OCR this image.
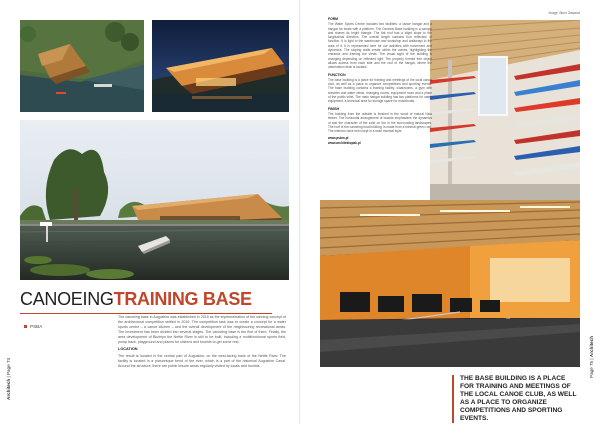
CANOEINGTRAINING BASE
PSBA

The canoeing base in Augustów was established in 2015 as the implementation of the winning concept of the architectural competition settled in 2016. The competition task was to create a concept for a water sports centre – a canoe kitchen – and the overall development of the neighbouring recreational areas. The investment has been divided into several stages. The canoeing base is the first of them. Finally, the area development of Biuletyn the Nettle River is still to be built, including a multifunctional sports field, pump track, playground and places for citizens and tourists to get some rest.

LOCATION

The result is located in the central part of Augustów, on the west-facing bank of the Nettle River. The facility is located in a picturesque bend of the river, which is a part of the historical Augustów Canal. Around the structure, there are public leisure areas regularly visited by locals and tourists.

Architech | Page 74
Image: Biuro Zawarta

FORM

The Water Sports Centre includes two facilities: a canoe hangar and a hangar for boats with a platform. The Ceramic Base building is a canopy and shares its bright triangle. The flat roof has a slight slope to the longitudinal direction. The overall length contains four reflection of function. It is light to the warehouse and workshop and walkways in the area of it. It is represented here for our activities with movement and dynamics. The sloping walls create within the waves, highlighting the entrance and framing the views. The visual sight of the building is changing depending on reflected light. The properly formed free object allows access from each side and the roof of the hangar, where the observation deck is located.

FUNCTION

The base building is a place for training and meetings of the local canoe club, as well as a place to organize competitions and sporting events. The base building contains a training facility, cloakrooms, a gym with showers and water views, changing rooms, equipment room and a place of the public toilet. The main hangar building has two platforms for water equipment, a technical area for storage space for motorboats.

FINISH

The building from the outside is finished in the wood of natural Nida timber. The horizontal arrangement of boards emphasizes the dynamics of and the character of the solid on the in the surrounding landscapes. The roof of the canoeing boat building, is made from a mineral green roof. The interiors have been kept in a strict minimal style.

www.psbm.pl
www.architektopak.pl
THE BASE BUILDING IS A PLACE FOR TRAINING AND MEETINGS OF THE LOCAL CANOE CLUB, AS WELL AS A PLACE TO ORGANIZE COMPETITIONS AND SPORTING EVENTS.
Page 75 | Architech
